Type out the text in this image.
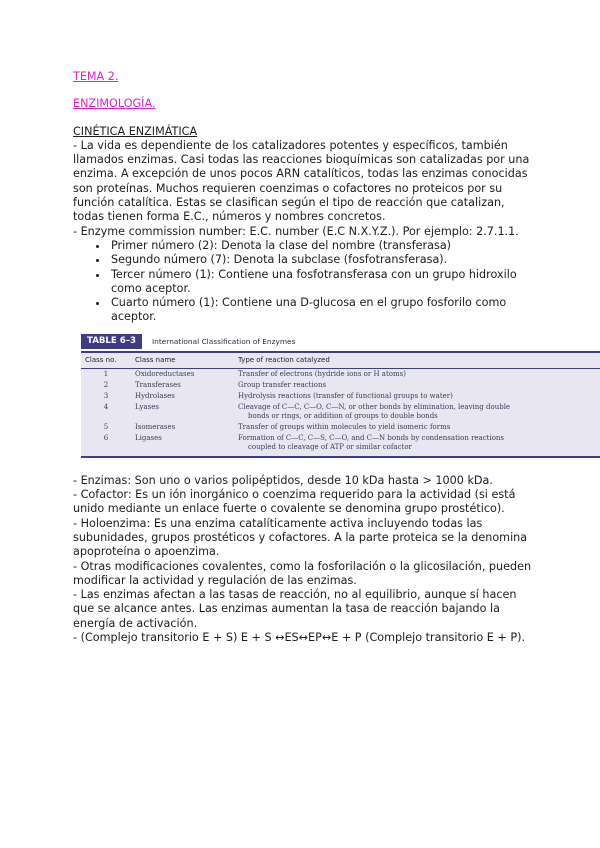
TEMA 2.
ENZIMOLOGÍA.
CINÉTICA ENZIMÁTICA

- La vida es dependiente de los catalizadores potentes y específicos, también llamados enzimas. Casi todas las reacciones bioquímicas son catalizadas por una enzima. A excepción de unos pocos ARN catalíticos, todas las enzimas conocidas son proteínas. Muchos requieren coenzimas o cofactores no proteicos por su función catalítica. Estas se clasifican según el tipo de reacción que catalizan, todas tienen forma E.C., números y nombres concretos.

- Enzyme commission number: E.C. number (E.C N.X.Y.Z.). Por ejemplo: 2.7.1.1.

• Primer número (2): Denota la clase del nombre (transferasa)
• Segundo número (7): Denota la subclase (fosfotransferasa).
• Tercer número (1): Contiene una fosfotransferasa con un grupo hidroxilo como aceptor.
• Cuarto número (1): Contiene una D-glucosa en el grupo fosforilo como aceptor.
TABLE 6–3	International Classification of Enzymes
Class no.	Class name	Type of reaction catalyzed
1	Oxidoreductases	Transfer of electrons (hydride ions or H atoms)
2	Transferases	Group transfer reactions
3	Hydrolases	Hydrolysis reactions (transfer of functional groups to water)
4	Lyases	Cleavage of C—C, C—O, C—N, or other bonds by elimination, leaving double
bonds or rings, or addition of groups to double bonds

5	Isomerases	Transfer of groups within molecules to yield isomeric forms
6	Ligases	Formation of C—C, C—S, C—O, and C—N bonds by condensation reactions
coupled to cleavage of ATP or similar cofactor

- Enzimas: Son uno o varios polipéptidos, desde 10 kDa hasta > 1000 kDa.

- Cofactor: Es un ión inorgánico o coenzima requerido para la actividad (si está unido mediante un enlace fuerte o covalente se denomina grupo prostético).

- Holoenzima: Es una enzima catalíticamente activa incluyendo todas las subunidades, grupos prostéticos y cofactores. A la parte proteica se la denomina apoproteína o apoenzima.

- Otras modificaciones covalentes, como la fosforilación o la glicosilación, pueden modificar la actividad y regulación de las enzimas.

- Las enzimas afectan a las tasas de reacción, no al equilibrio, aunque sí hacen que se alcance antes. Las enzimas aumentan la tasa de reacción bajando la energía de activación.

- (Complejo transitorio E + S) E + S ↔ES↔EP↔E + P (Complejo transitorio E + P).
